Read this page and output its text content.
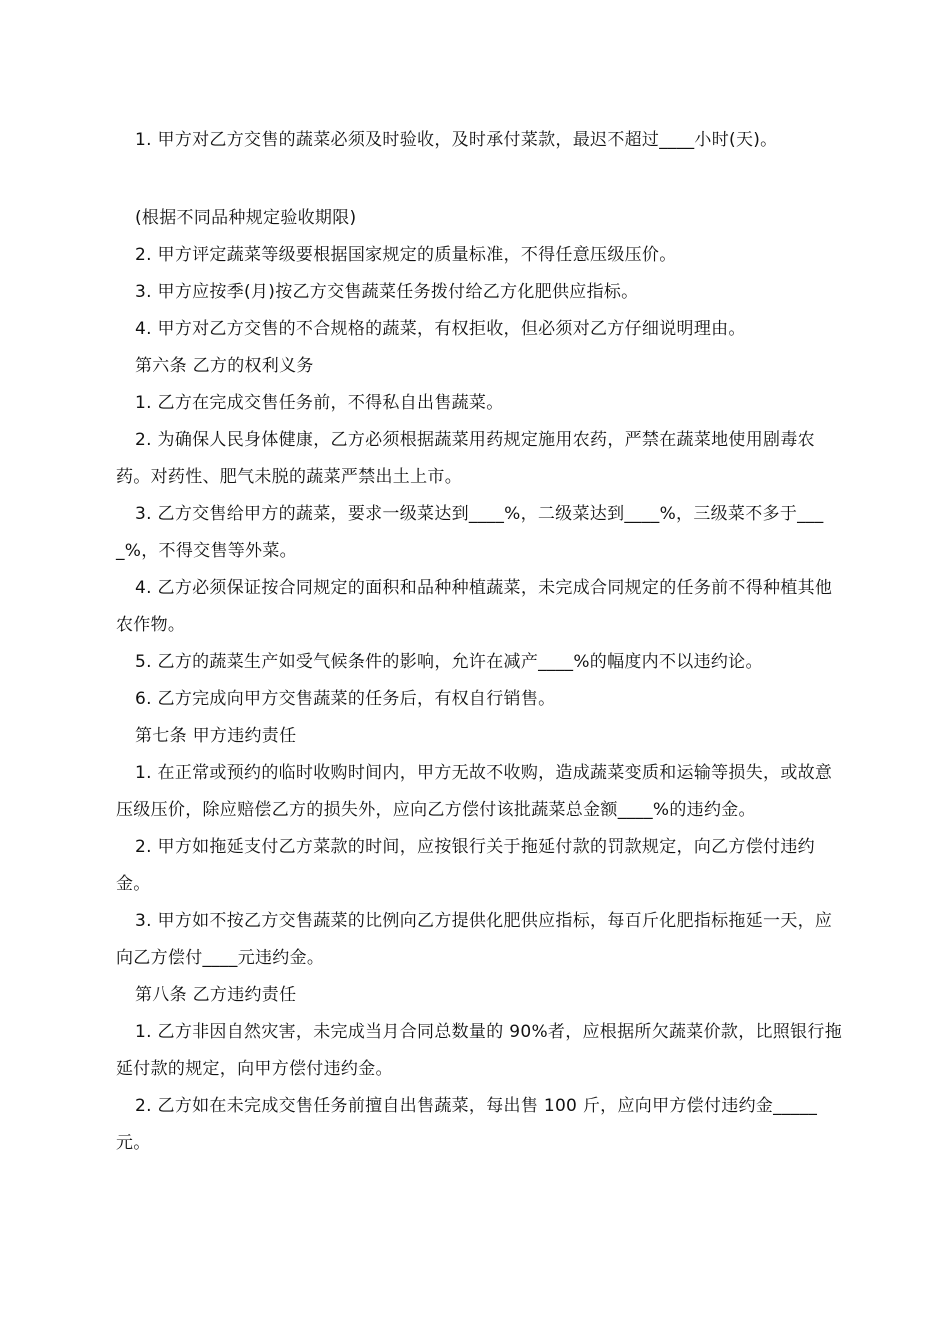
1. 甲方对乙方交售的蔬菜必须及时验收，及时承付菜款，最迟不超过____小时(天)。

(根据不同品种规定验收期限)

2. 甲方评定蔬菜等级要根据国家规定的质量标准，不得任意压级压价。

3. 甲方应按季(月)按乙方交售蔬菜任务拨付给乙方化肥供应指标。

4. 甲方对乙方交售的不合规格的蔬菜，有权拒收，但必须对乙方仔细说明理由。

第六条 乙方的权利义务

1. 乙方在完成交售任务前，不得私自出售蔬菜。

2. 为确保人民身体健康，乙方必须根据蔬菜用药规定施用农药，严禁在蔬菜地使用剧毒农药。对药性、肥气未脱的蔬菜严禁出土上市。

3. 乙方交售给甲方的蔬菜，要求一级菜达到____%，二级菜达到____%，三级菜不多于____%，不得交售等外菜。

4. 乙方必须保证按合同规定的面积和品种种植蔬菜，未完成合同规定的任务前不得种植其他农作物。

5. 乙方的蔬菜生产如受气候条件的影响，允许在减产____%的幅度内不以违约论。

6. 乙方完成向甲方交售蔬菜的任务后，有权自行销售。

第七条 甲方违约责任

1. 在正常或预约的临时收购时间内，甲方无故不收购，造成蔬菜变质和运输等损失，或故意压级压价，除应赔偿乙方的损失外，应向乙方偿付该批蔬菜总金额____%的违约金。

2. 甲方如拖延支付乙方菜款的时间，应按银行关于拖延付款的罚款规定，向乙方偿付违约金。

3. 甲方如不按乙方交售蔬菜的比例向乙方提供化肥供应指标，每百斤化肥指标拖延一天，应向乙方偿付____元违约金。

第八条 乙方违约责任

1. 乙方非因自然灾害，未完成当月合同总数量的 90%者，应根据所欠蔬菜价款，比照银行拖延付款的规定，向甲方偿付违约金。

2. 乙方如在未完成交售任务前擅自出售蔬菜，每出售 100 斤，应向甲方偿付违约金_____元。
